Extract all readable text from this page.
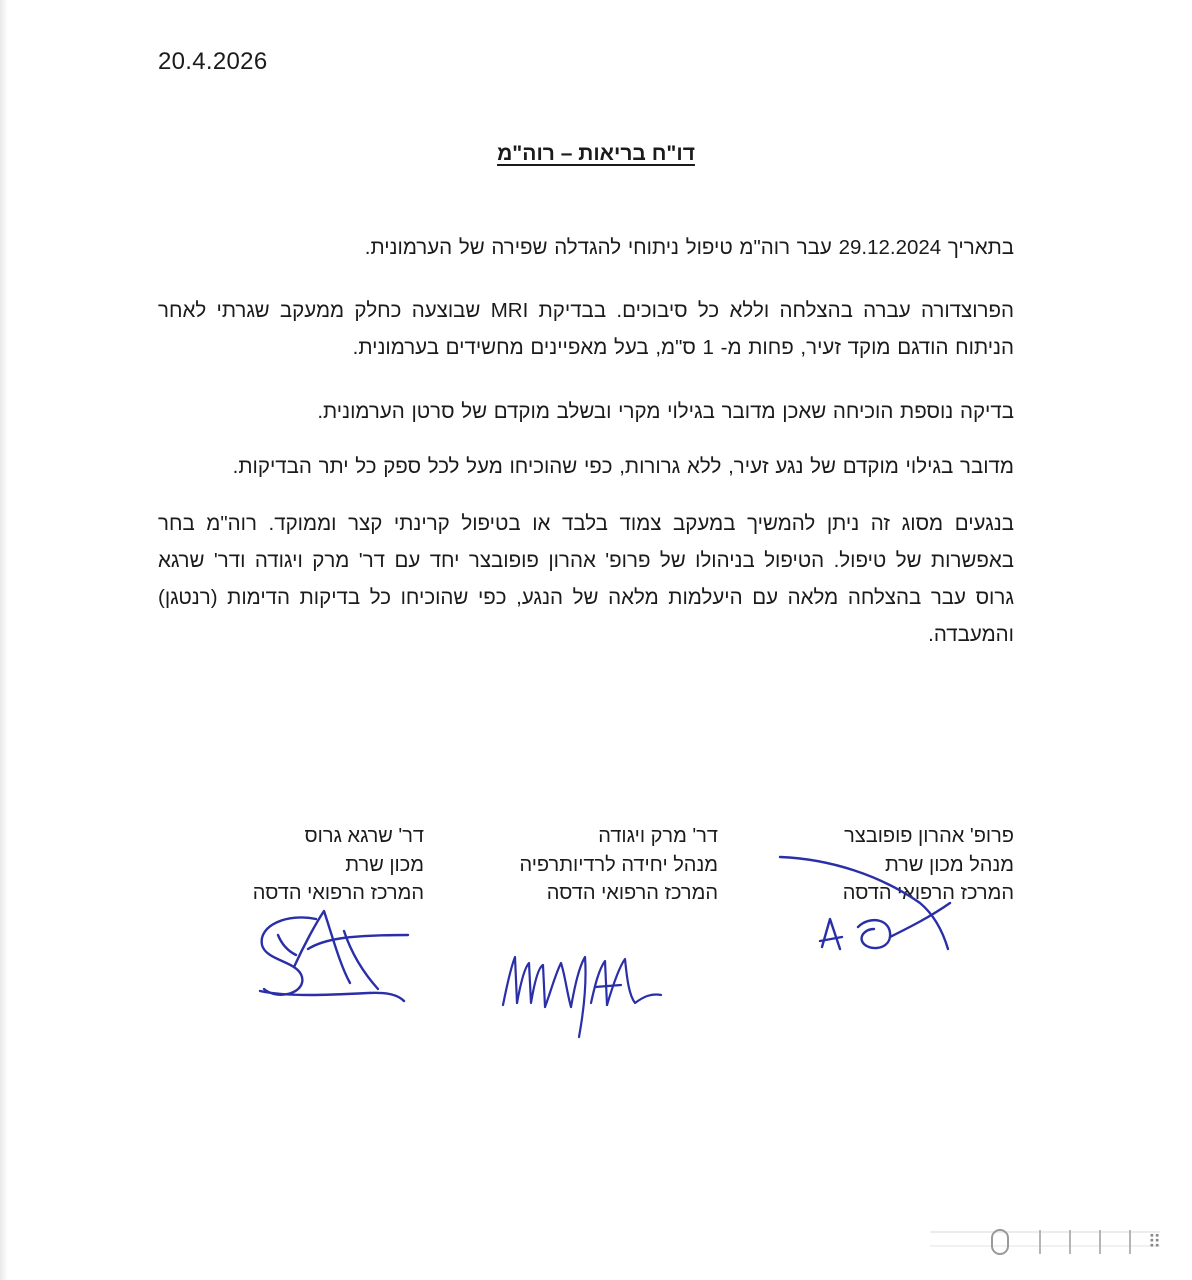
20.4.2026
דו"ח בריאות – רוה"מ
בתאריך 29.12.2024 עבר רוה"מ טיפול ניתוחי להגדלה שפירה של הערמונית.
הפרוצדורה עברה בהצלחה וללא כל סיבוכים. בבדיקת MRI שבוצעה כחלק ממעקב שגרתי לאחר הניתוח הודגם מוקד זעיר, פחות מ- 1 ס"מ, בעל מאפיינים מחשידים בערמונית.
בדיקה נוספת הוכיחה שאכן מדובר בגילוי מקרי ובשלב מוקדם של סרטן הערמונית.
מדובר בגילוי מוקדם של נגע זעיר, ללא גרורות, כפי שהוכיחו מעל לכל ספק כל יתר הבדיקות.
בנגעים מסוג זה ניתן להמשיך במעקב צמוד בלבד או בטיפול קרינתי קצר וממוקד. רוה"מ בחר באפשרות של טיפול. הטיפול בניהולו של פרופ' אהרון פופובצר יחד עם דר' מרק ויגודה ודר' שרגא גרוס עבר בהצלחה מלאה עם היעלמות מלאה של הנגע, כפי שהוכיחו כל בדיקות הדימות (רנטגן) והמעבדה.
פרופ' אהרון פופובצר
מנהל מכון שרת
המרכז הרפואי הדסה
דר' מרק ויגודה
מנהל יחידה לרדיותרפיה
המרכז הרפואי הדסה
דר' שרגא גרוס
מכון שרת
המרכז הרפואי הדסה
⠿
